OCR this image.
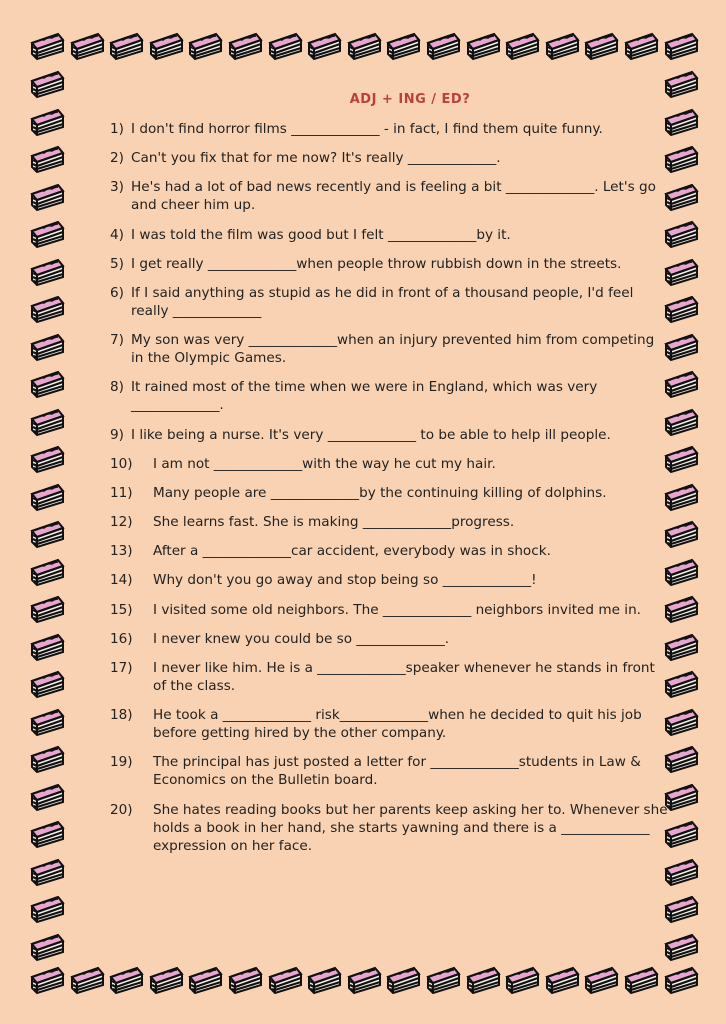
ADJ + ING / ED?
1) I don't find horror films _____________ - in fact, I find them quite funny.
2) Can't you fix that for me now? It's really _____________.
3) He's had a lot of bad news recently and is feeling a bit _____________. Let's go and cheer him up.
4) I was told the film was good but I felt _____________by it.
5) I get really _____________when people throw rubbish down in the streets.
6) If I said anything as stupid as he did in front of a thousand people, I'd feel really _____________
7) My son was very _____________when an injury prevented him from competing in the Olympic Games.
8) It rained most of the time when we were in England, which was very _____________.
9) I like being a nurse. It's very _____________ to be able to help ill people.
10)	I am not _____________with the way he cut my hair.
11)	Many people are _____________by the continuing killing of dolphins.
12)	She learns fast. She is making _____________progress.
13)	After a _____________car accident, everybody was in shock.
14)	Why don't you go away and stop being so _____________!
15)	I visited some old neighbors. The _____________ neighbors invited me in.
16)	I never knew you could be so _____________.
17)	I never like him. He is a _____________speaker whenever he stands in front of the class.
18)	He took a _____________ risk_____________when he decided to quit his job before getting hired by the other company.
19)	The principal has just posted a letter for _____________students in Law & Economics on the Bulletin board.
20)	She hates reading books but her parents keep asking her to. Whenever she holds a book in her hand, she starts yawning and there is a _____________ expression on her face.
